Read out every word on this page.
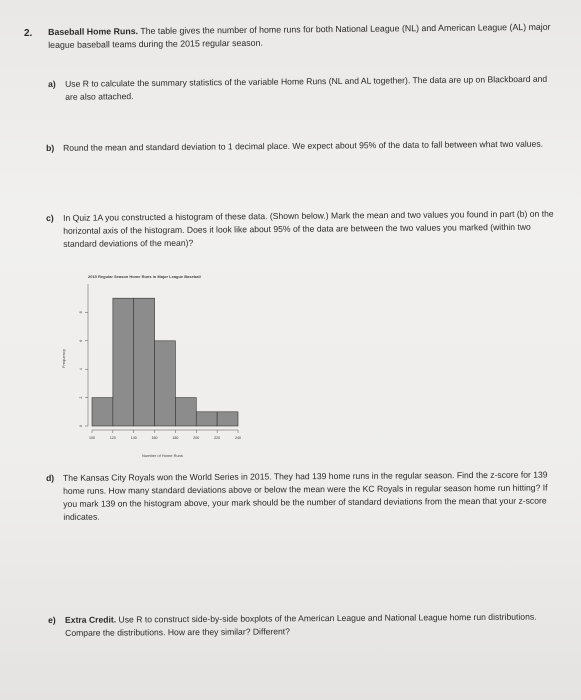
2. Baseball Home Runs. The table gives the number of home runs for both National League (NL) and American League (AL) major league baseball teams during the 2015 regular season.
a) Use R to calculate the summary statistics of the variable Home Runs (NL and AL together). The data are up on Blackboard and are also attached.
b) Round the mean and standard deviation to 1 decimal place. We expect about 95% of the data to fall between what two values.
c) In Quiz 1A you constructed a histogram of these data. (Shown below.) Mark the mean and two values you found in part (b) on the horizontal axis of the histogram. Does it look like about 95% of the data are between the two values you marked (within two standard deviations of the mean)?
2015 Regular Season Home Runs in Major League Baseball
Frequency
Number of Home Runs
100	120	140	160	180	200	220	240
0
2
4
6
8
d) The Kansas City Royals won the World Series in 2015. They had 139 home runs in the regular season. Find the z-score for 139 home runs. How many standard deviations above or below the mean were the KC Royals in regular season home run hitting? If you mark 139 on the histogram above, your mark should be the number of standard deviations from the mean that your z-score indicates.
e) Extra Credit. Use R to construct side-by-side boxplots of the American League and National League home run distributions. Compare the distributions. How are they similar? Different?
